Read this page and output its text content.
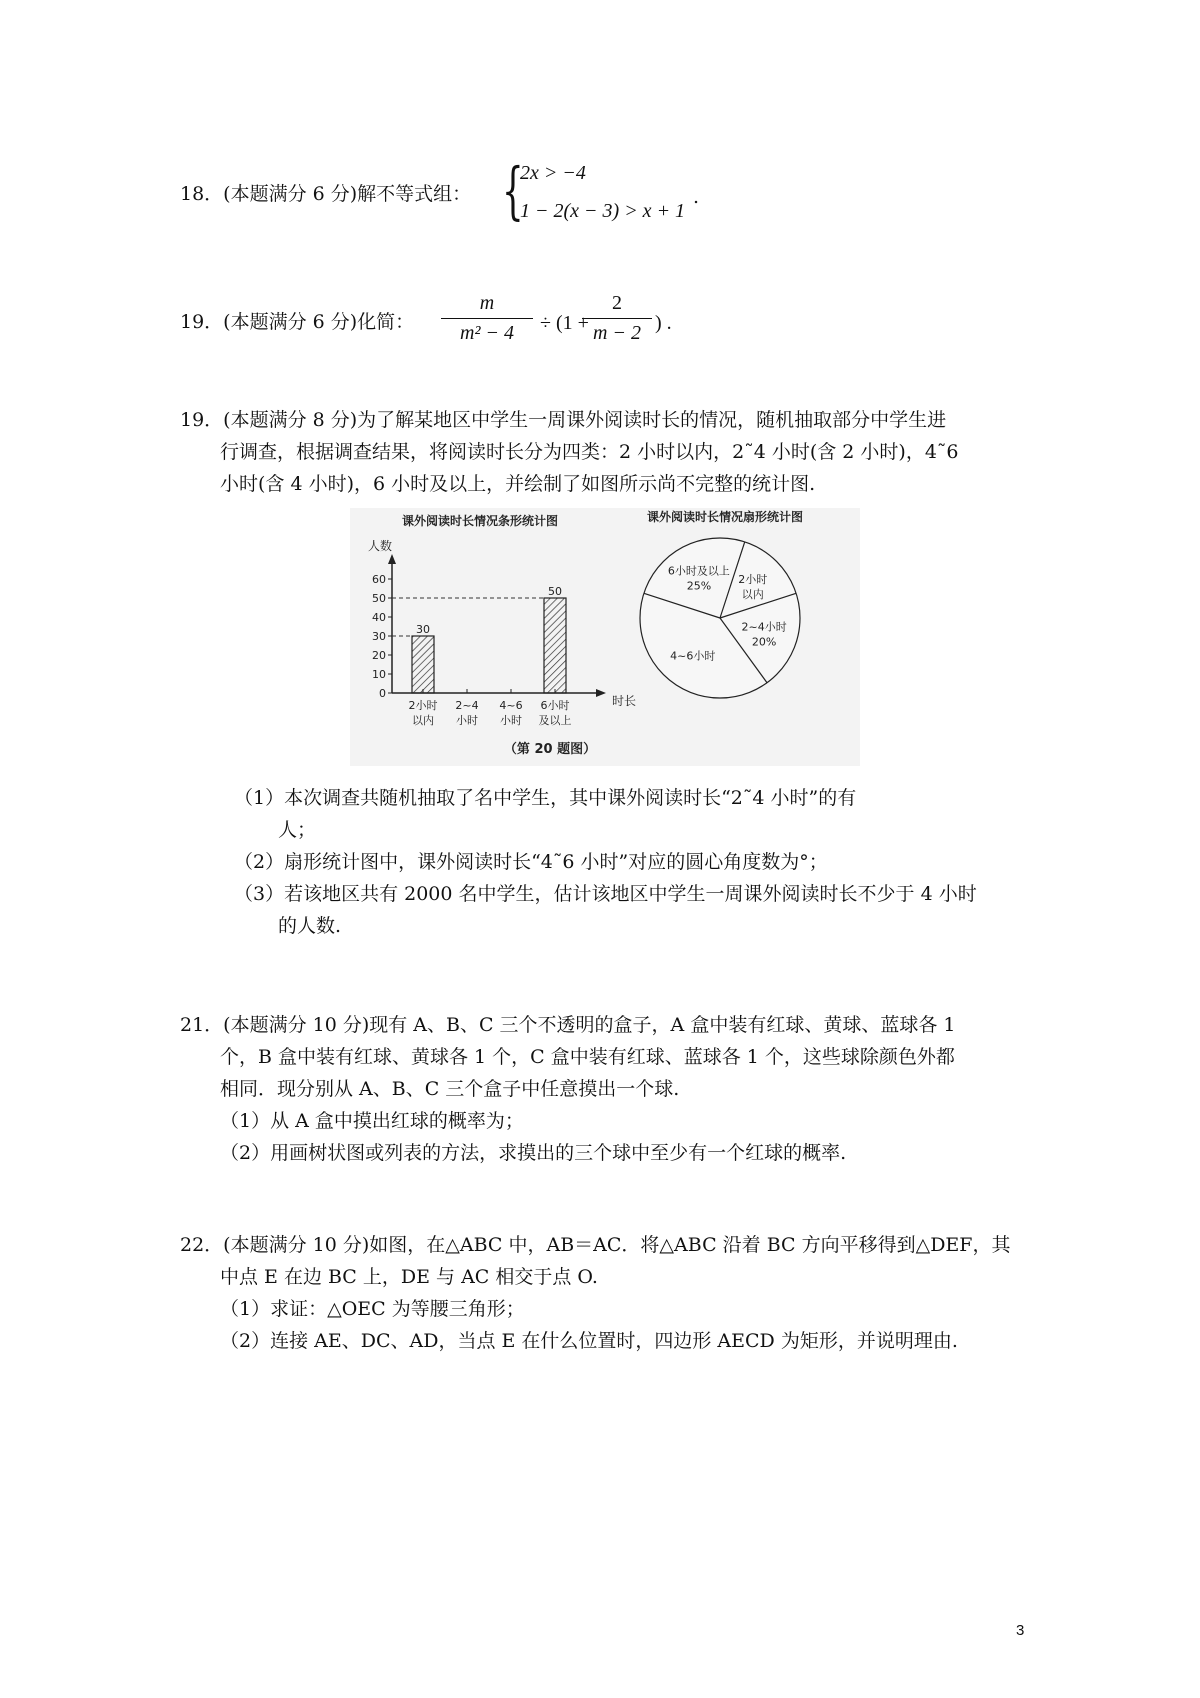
18．(本题满分 6 分)解不等式组： {
2x > −4
1 − 2(x − 3) > x + 1
.
19．(本题满分 6 分)化简：
m
m² − 4	÷ (1 +
2
m − 2 ) .
19．(本题满分 8 分)为了解某地区中学生一周课外阅读时长的情况，随机抽取部分中学生进
行调查，根据调查结果，将阅读时长分为四类：2 小时以内，2˜4 小时(含 2 小时)，4˜6
小时(含 4 小时)，6 小时及以上，并绘制了如图所示尚不完整的统计图.
课外阅读时长情况条形统计图
人数
0
10
20
30
40
50
60
时长
30
50
2小时
以内
2~4
小时
4~6
小时
6小时
及以上
课外阅读时长情况扇形统计图
2小时
以内
2~4小时
20%
4~6小时
6小时及以上
25%
（第 20 题图）
（1）本次调查共随机抽取了名中学生，其中课外阅读时长“2˜4 小时”的有
人；
（2）扇形统计图中，课外阅读时长“4˜6 小时”对应的圆心角度数为°；
（3）若该地区共有 2000 名中学生，估计该地区中学生一周课外阅读时长不少于 4 小时
的人数.
21．(本题满分 10 分)现有 A、B、C 三个不透明的盒子，A 盒中装有红球、黄球、蓝球各 1
个，B 盒中装有红球、黄球各 1 个，C 盒中装有红球、蓝球各 1 个，这些球除颜色外都
相同．现分别从 A、B、C 三个盒子中任意摸出一个球.
（1）从 A 盒中摸出红球的概率为；
（2）用画树状图或列表的方法，求摸出的三个球中至少有一个红球的概率.
22．(本题满分 10 分)如图，在△ABC 中，AB＝AC．将△ABC 沿着 BC 方向平移得到△DEF，其
中点 E 在边 BC 上，DE 与 AC 相交于点 O.
（1）求证：△OEC 为等腰三角形；
（2）连接 AE、DC、AD，当点 E 在什么位置时，四边形 AECD 为矩形，并说明理由.
3
